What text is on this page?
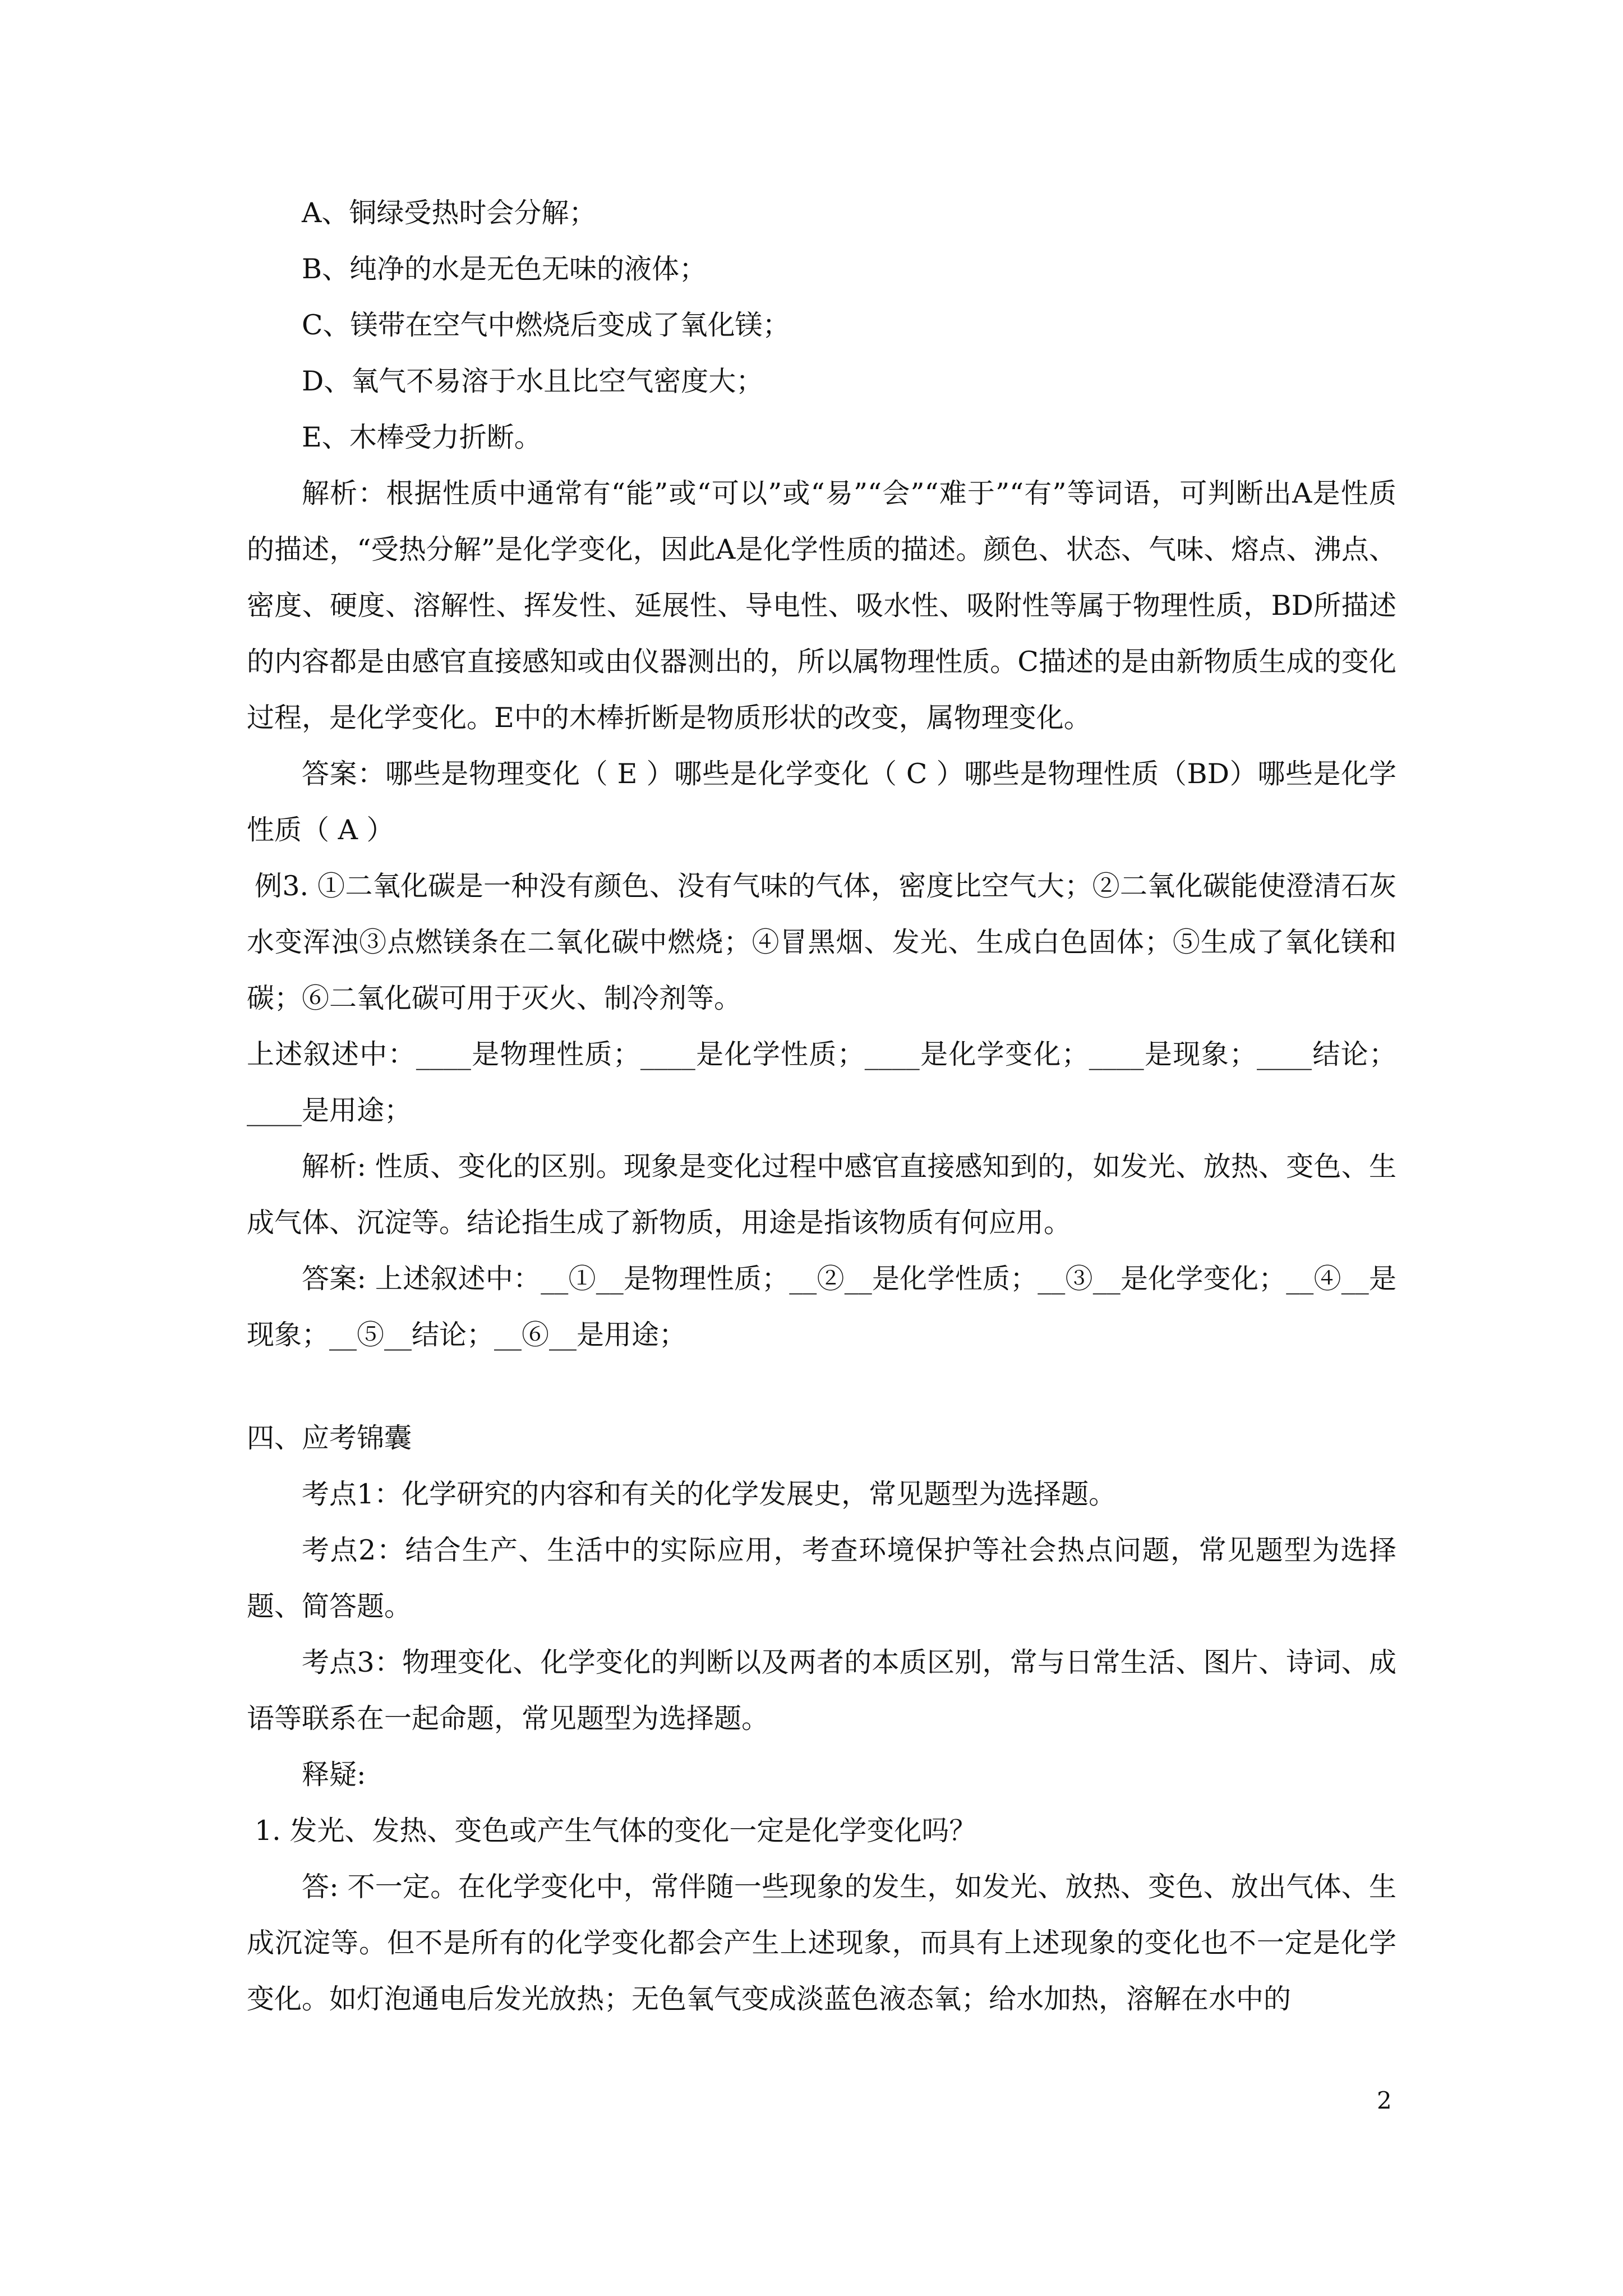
A、铜绿受热时会分解；

B、纯净的水是无色无味的液体；

C、镁带在空气中燃烧后变成了氧化镁；

D、氧气不易溶于水且比空气密度大；

E、木棒受力折断。

解析：根据性质中通常有“能”或“可以”或“易”“会”“难于”“有”等词语，可判断出A是性质的描述，“受热分解”是化学变化，因此A是化学性质的描述。颜色、状态、气味、熔点、沸点、密度、硬度、溶解性、挥发性、延展性、导电性、吸水性、吸附性等属于物理性质，BD所描述的内容都是由感官直接感知或由仪器测出的，所以属物理性质。C描述的是由新物质生成的变化过程，是化学变化。E中的木棒折断是物质形状的改变，属物理变化。

答案：哪些是物理变化（ E ）哪些是化学变化（ C ）哪些是物理性质（BD）哪些是化学性质（ A ）

例3. ①二氧化碳是一种没有颜色、没有气味的气体，密度比空气大；②二氧化碳能使澄清石灰水变浑浊③点燃镁条在二氧化碳中燃烧；④冒黑烟、发光、生成白色固体；⑤生成了氧化镁和碳；⑥二氧化碳可用于灭火、制冷剂等。

上述叙述中：____是物理性质；____是化学性质；____是化学变化；____是现象；____结论；____是用途；

解析: 性质、变化的区别。现象是变化过程中感官直接感知到的，如发光、放热、变色、生成气体、沉淀等。结论指生成了新物质，用途是指该物质有何应用。

答案: 上述叙述中：__①__是物理性质；__②__是化学性质；__③__是化学变化；__④__是现象；__⑤__结论；__⑥__是用途；

四、应考锦囊

考点1：化学研究的内容和有关的化学发展史，常见题型为选择题。

考点2：结合生产、生活中的实际应用，考查环境保护等社会热点问题，常见题型为选择题、简答题。

考点3：物理变化、化学变化的判断以及两者的本质区别，常与日常生活、图片、诗词、成语等联系在一起命题，常见题型为选择题。

释疑:

1. 发光、发热、变色或产生气体的变化一定是化学变化吗？

答: 不一定。在化学变化中，常伴随一些现象的发生，如发光、放热、变色、放出气体、生成沉淀等。但不是所有的化学变化都会产生上述现象，而具有上述现象的变化也不一定是化学变化。如灯泡通电后发光放热；无色氧气变成淡蓝色液态氧；给水加热，溶解在水中的

2
